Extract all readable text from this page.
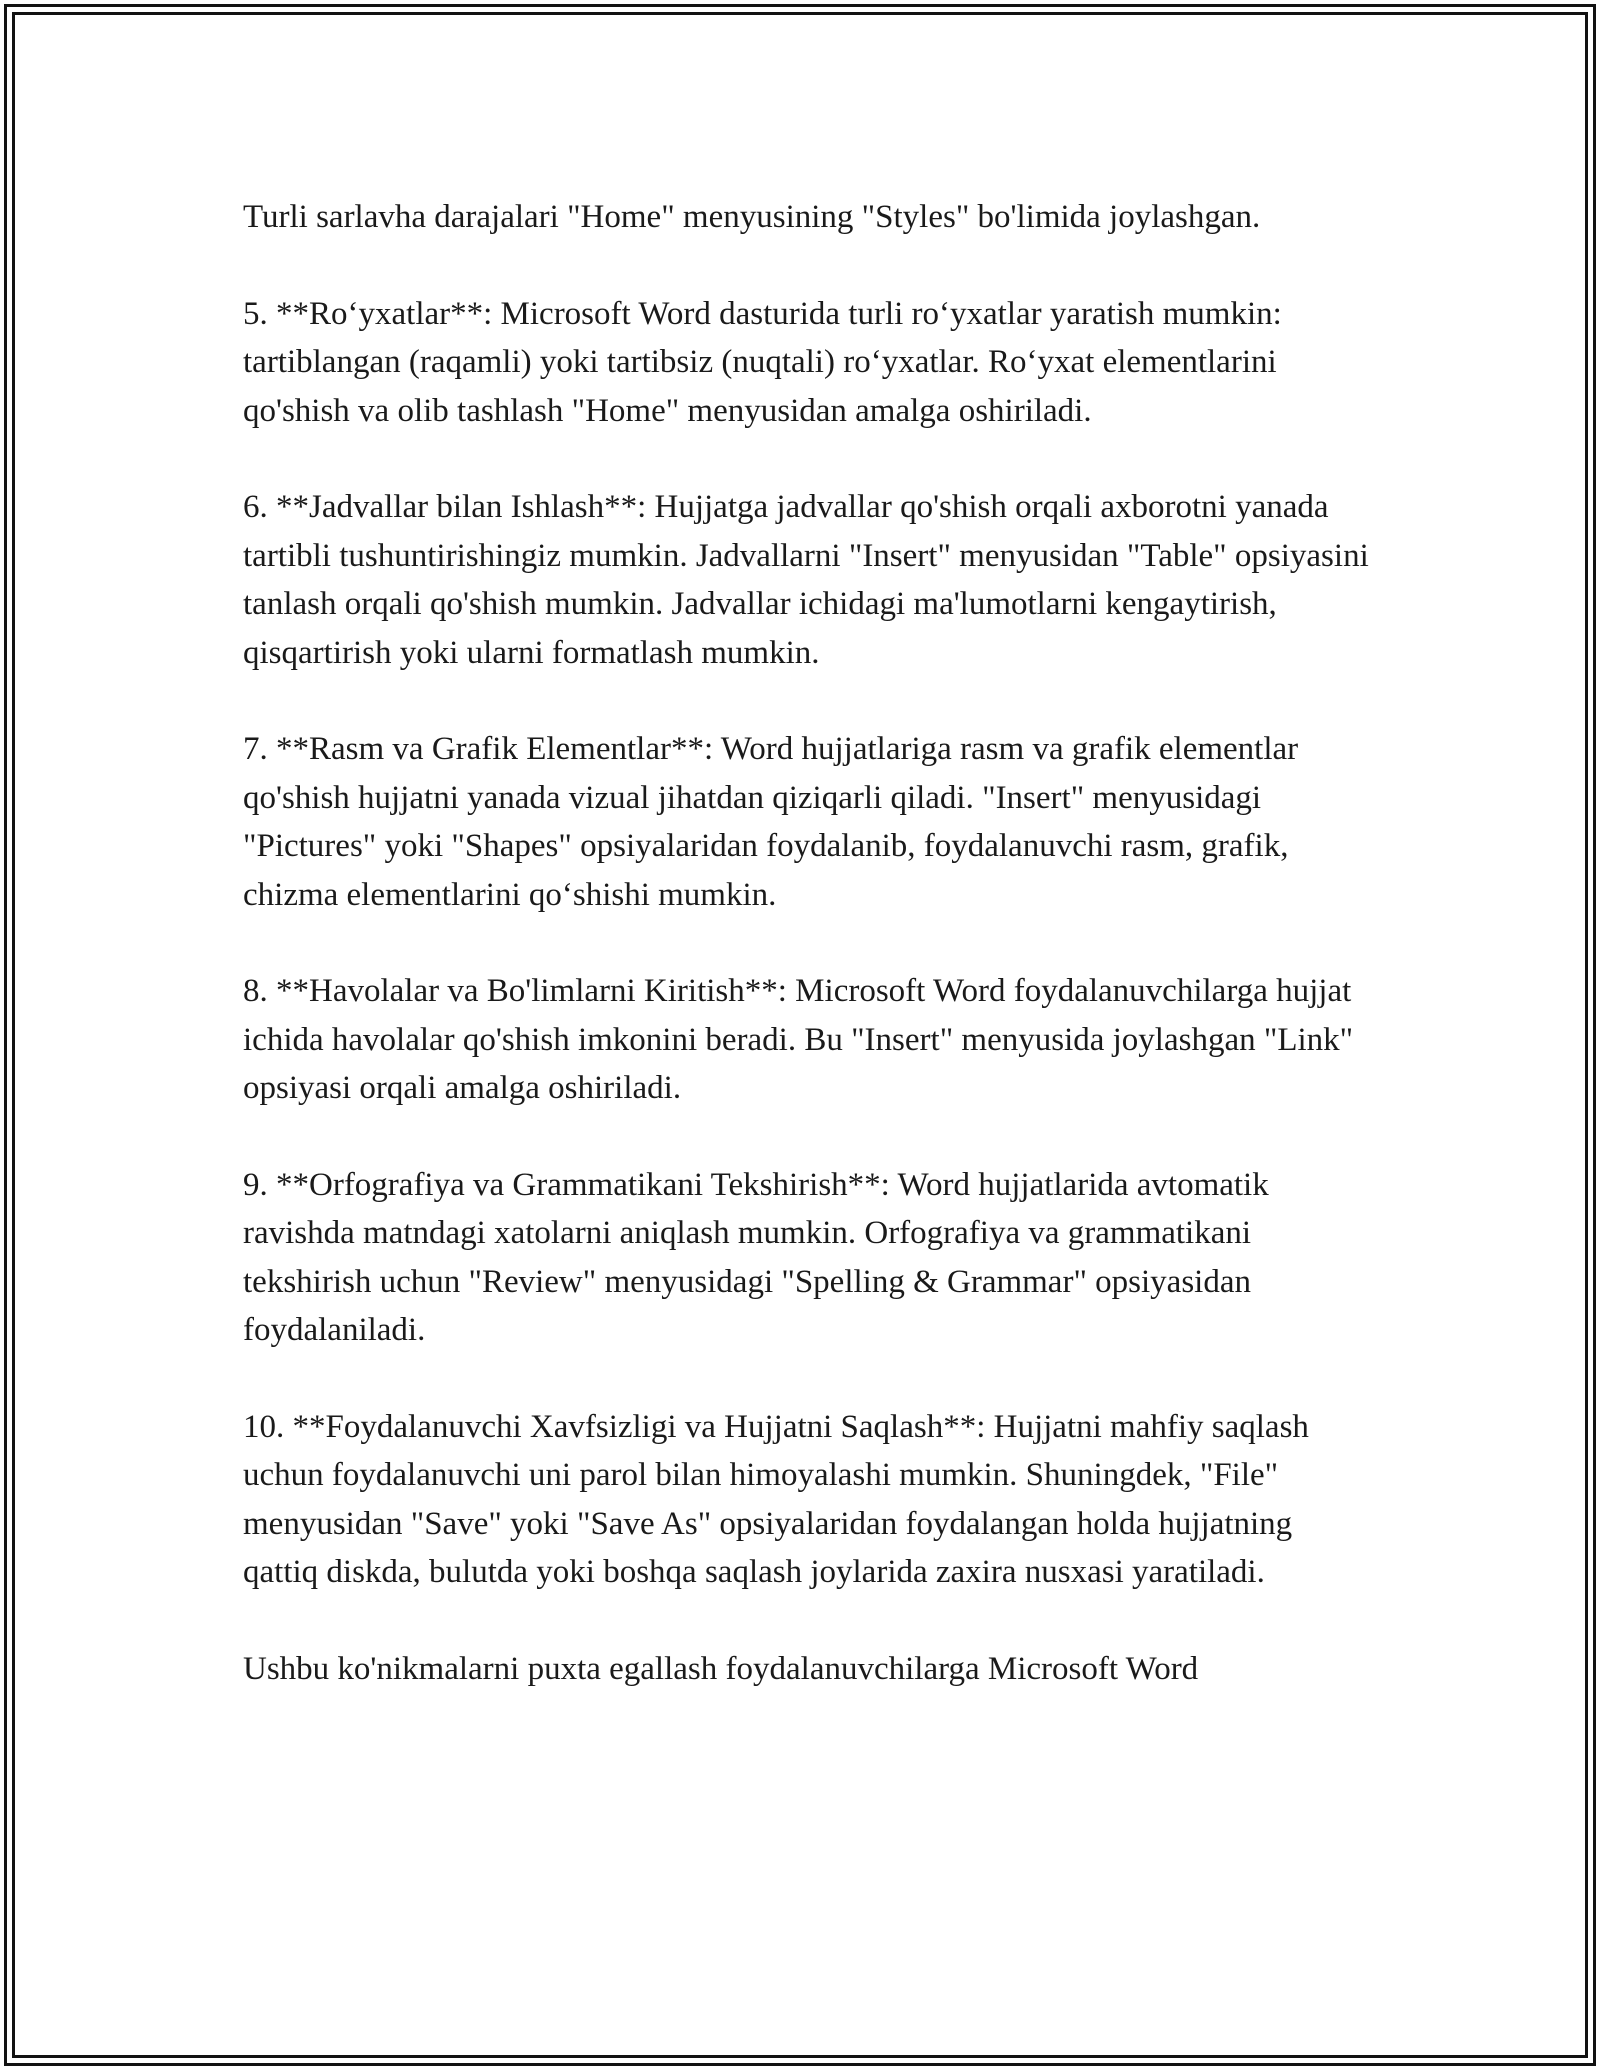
Turli sarlavha darajalari "Home" menyusining "Styles" bo'limida joylashgan.

5. **Ro‘yxatlar**: Microsoft Word dasturida turli ro‘yxatlar yaratish mumkin: tartiblangan (raqamli) yoki tartibsiz (nuqtali) ro‘yxatlar. Ro‘yxat elementlarini qo'shish va olib tashlash "Home" menyusidan amalga oshiriladi.

6. **Jadvallar bilan Ishlash**: Hujjatga jadvallar qo'shish orqali axborotni yanada tartibli tushuntirishingiz mumkin. Jadvallarni "Insert" menyusidan "Table" opsiyasini tanlash orqali qo'shish mumkin. Jadvallar ichidagi ma'lumotlarni kengaytirish, qisqartirish yoki ularni formatlash mumkin.

7. **Rasm va Grafik Elementlar**: Word hujjatlariga rasm va grafik elementlar qo'shish hujjatni yanada vizual jihatdan qiziqarli qiladi. "Insert" menyusidagi "Pictures" yoki "Shapes" opsiyalaridan foydalanib, foydalanuvchi rasm, grafik, chizma elementlarini qo‘shishi mumkin.

8. **Havolalar va Bo'limlarni Kiritish**: Microsoft Word foydalanuvchilarga hujjat ichida havolalar qo'shish imkonini beradi. Bu "Insert" menyusida joylashgan "Link" opsiyasi orqali amalga oshiriladi.

9. **Orfografiya va Grammatikani Tekshirish**: Word hujjatlarida avtomatik ravishda matndagi xatolarni aniqlash mumkin. Orfografiya va grammatikani tekshirish uchun "Review" menyusidagi "Spelling & Grammar" opsiyasidan foydalaniladi.

10. **Foydalanuvchi Xavfsizligi va Hujjatni Saqlash**: Hujjatni mahfiy saqlash uchun foydalanuvchi uni parol bilan himoyalashi mumkin. Shuningdek, "File" menyusidan "Save" yoki "Save As" opsiyalaridan foydalangan holda hujjatning qattiq diskda, bulutda yoki boshqa saqlash joylarida zaxira nusxasi yaratiladi.

Ushbu ko'nikmalarni puxta egallash foydalanuvchilarga Microsoft Word
